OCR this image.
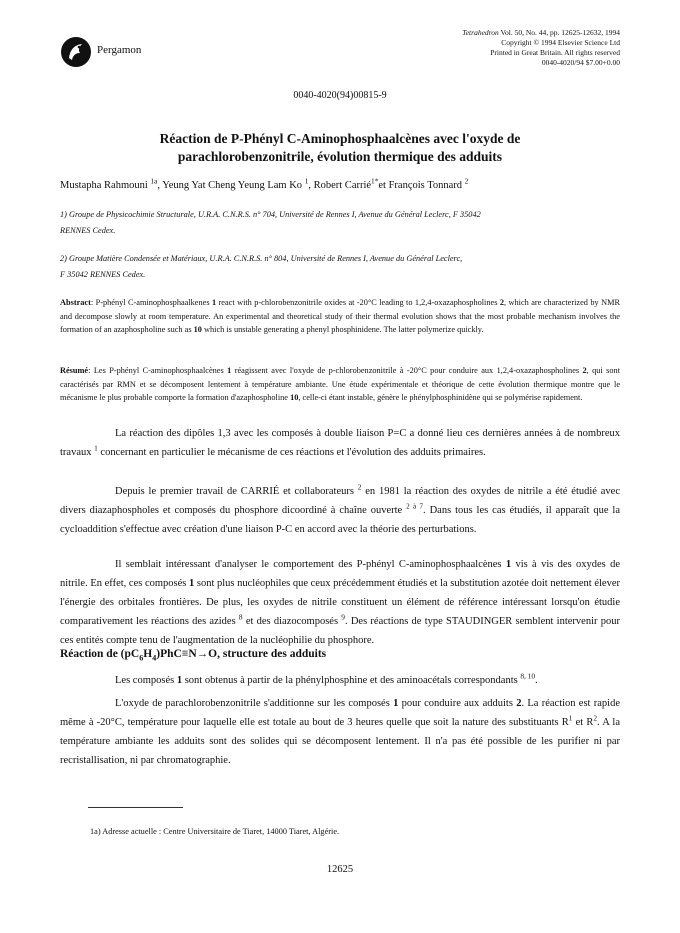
Pergamon
Tetrahedron Vol. 50, No. 44, pp. 12625-12632, 1994
Copyright © 1994 Elsevier Science Ltd
Printed in Great Britain. All rights reserved
0040-4020/94 $7.00+0.00
0040-4020(94)00815-9
Réaction de P-Phényl C-Aminophosphaalcènes avec l'oxyde de
parachlorobenzonitrile, évolution thermique des adduits
Mustapha Rahmouni $^{1a}$, Yeung Yat Cheng Yeung Lam Ko $^1$, Robert Carrié$^{1*}$et François Tonnard $^2$
1) Groupe de Physicochimie Structurale, U.R.A. C.N.R.S. n° 704, Université de Rennes I, Avenue du Général Leclerc, F 35042
RENNES Cedex.
2) Groupe Matière Condensée et Matériaux, U.R.A. C.N.R.S. n° 804, Université de Rennes I, Avenue du Général Leclerc,
F 35042 RENNES Cedex.
Abstract: P-phényl C-aminophosphaalkenes 1 react with p-chlorobenzonitrile oxides at -20°C leading to 1,2,4-oxazaphospholines 2, which are characterized by NMR and decompose slowly at room temperature. An experimental and theoretical study of their thermal evolution shows that the most probable mechanism involves the formation of an azaphospholine such as 10 which is unstable generating a phenyl phosphinidene. The latter polymerize quickly.
Résumé: Les P-phényl C-aminophosphaalcènes 1 réagissent avec l'oxyde de p-chlorobenzonitrile à -20°C pour conduire aux 1,2,4-oxazaphospholines 2, qui sont caractérisés par RMN et se décomposent lentement à température ambiante. Une étude expérimentale et théorique de cette évolution thermique montre que le mécanisme le plus probable comporte la formation d'azaphospholine 10, celle-ci étant instable, génère le phénylphosphinidène qui se polymérise rapidement.
La réaction des dipôles 1,3 avec les composés à double liaison P=C a donné lieu ces dernières années à de nombreux travaux $^1$ concernant en particulier le mécanisme de ces réactions et l'évolution des adduits primaires.
Depuis le premier travail de CARRIÉ et collaborateurs $^2$ en 1981 la réaction des oxydes de nitrile a été étudié avec divers diazaphospholes et composés du phosphore dicoordiné à chaîne ouverte $^{2 à 7}$. Dans tous les cas étudiés, il apparaît que la cycloaddition s'effectue avec création d'une liaison P-C en accord avec la théorie des perturbations.
Il semblait intéressant d'analyser le comportement des P-phényl C-aminophosphaalcènes 1 vis à vis des oxydes de nitrile. En effet, ces composés 1 sont plus nucléophiles que ceux précédemment étudiés et la substitution azotée doit nettement élever l'énergie des orbitales frontières. De plus, les oxydes de nitrile constituent un élément de référence intéressant lorsqu'on étudie comparativement les réactions des azides $^8$ et des diazocomposés $^9$. Des réactions de type STAUDINGER semblent intervenir pour ces entités compte tenu de l'augmentation de la nucléophilie du phosphore.
Réaction de $(pC_6H_4)PhC\equiv N\to O$, structure des adduits
Les composés 1 sont obtenus à partir de la phénylphosphine et des aminoacétals correspondants $^{8, 10}$.
L'oxyde de parachlorobenzonitrile s'additionne sur les composés 1 pour conduire aux adduits 2. La réaction est rapide même à -20°C, température pour laquelle elle est totale au bout de 3 heures quelle que soit la nature des substituants $R^1$ et $R^2$. A la température ambiante les adduits sont des solides qui se décomposent lentement. Il n'a pas été possible de les purifier ni par recristallisation, ni par chromatographie.
1a) Adresse actuelle : Centre Universitaire de Tiaret, 14000 Tiaret, Algérie.
12625
